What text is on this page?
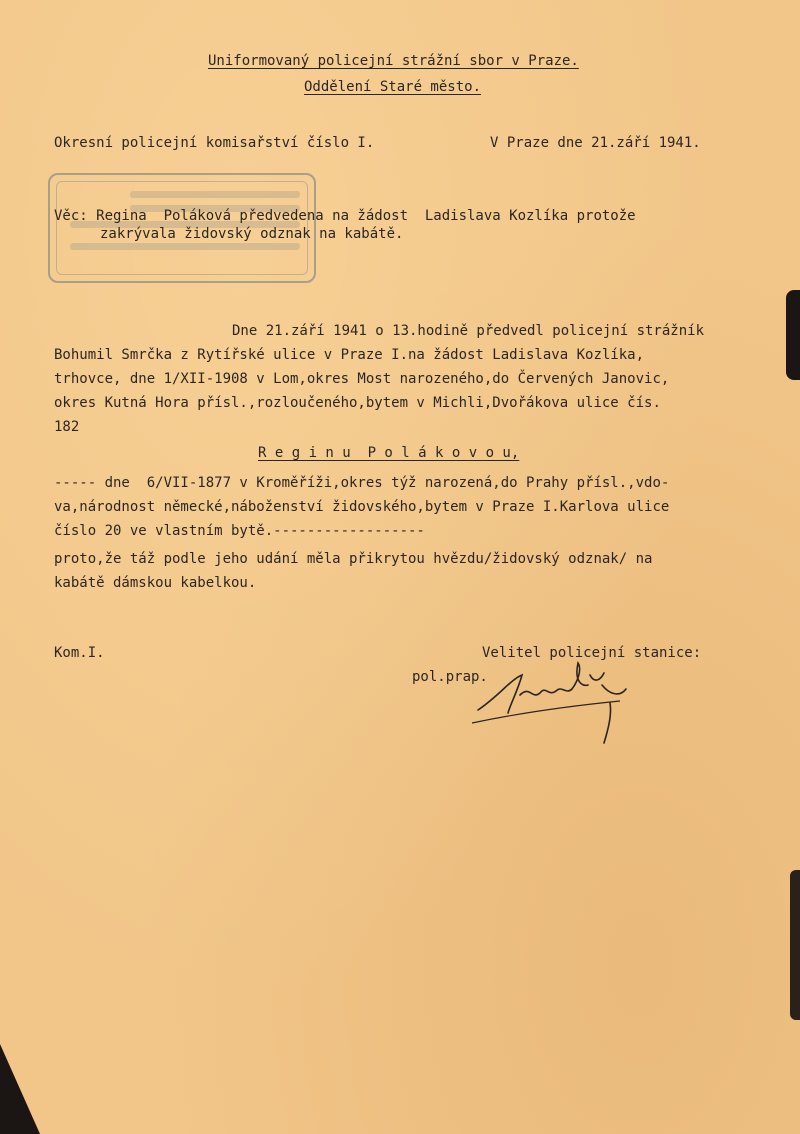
Uniformovaný policejní strážní sbor v Praze.
Oddělení Staré město.
Okresní policejní komisařství číslo I.	V Praze dne 21.září 1941.
Věc: Regina  Poláková předvedena na žádost  Ladislava Kozlíka protože
zakrývala židovský odznak na kabátě.
Dne 21.září 1941 o 13.hodině předvedl policejní strážník
Bohumil Smrčka z Rytířské ulice v Praze I.na žádost Ladislava Kozlíka,
trhovce, dne 1/XII-1908 v Lom,okres Most narozeného,do Červených Janovic,
okres Kutná Hora přísl.,rozloučeného,bytem v Michli,Dvořákova ulice čís.
182
R e g i n u  P o l á k o v o u,
----- dne  6/VII-1877 v Kroměříži,okres týž narozená,do Prahy přísl.,vdo-
va,národnost německé,náboženství židovského,bytem v Praze I.Karlova ulice
číslo 20 ve vlastním bytě.------------------
proto,že táž podle jeho udání měla přikrytou hvězdu/židovský odznak/ na
kabátě dámskou kabelkou.
Kom.I.	Velitel policejní stanice:
pol.prap.
